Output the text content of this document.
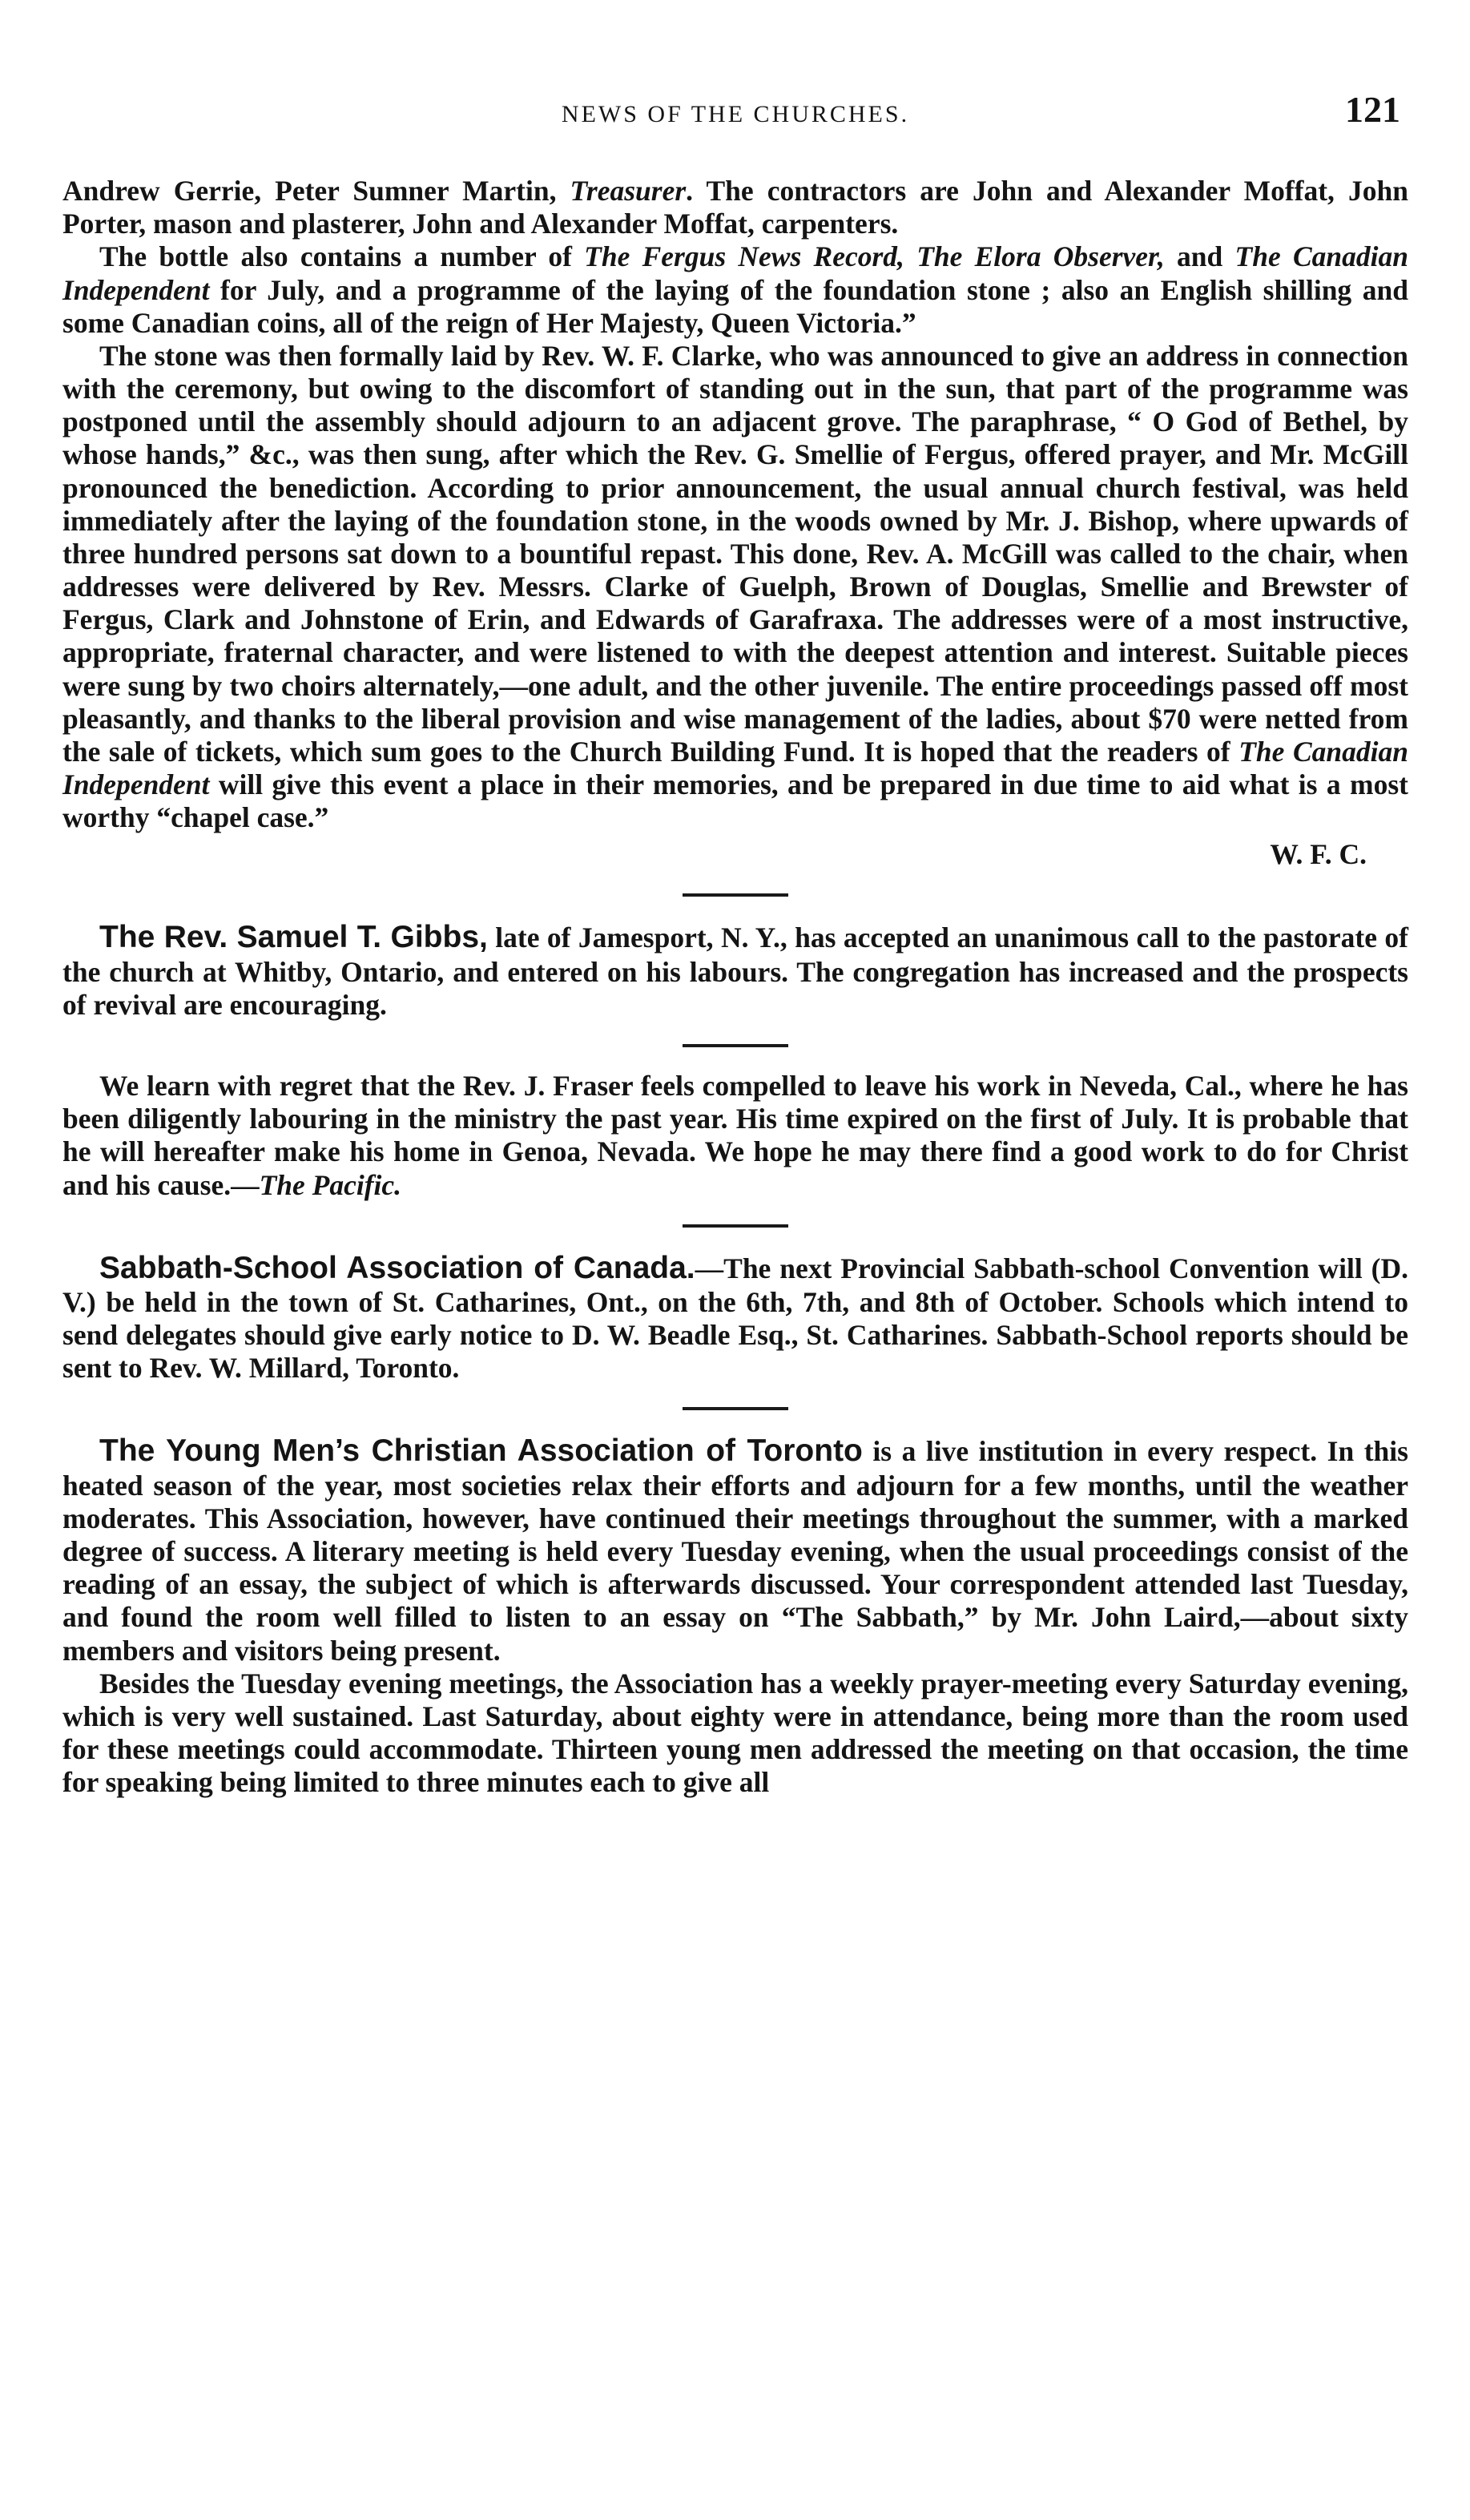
NEWS OF THE CHURCHES.	121

Andrew Gerrie, Peter Sumner Martin, Treasurer. The contractors are John and Alexander Moffat, John Porter, mason and plasterer, John and Alexander Moffat, carpenters.

The bottle also contains a number of The Fergus News Record, The Elora Observer, and The Canadian Independent for July, and a programme of the laying of the foundation stone ; also an English shilling and some Canadian coins, all of the reign of Her Majesty, Queen Victoria.”

The stone was then formally laid by Rev. W. F. Clarke, who was announced to give an address in connection with the ceremony, but owing to the discomfort of standing out in the sun, that part of the programme was postponed until the assembly should adjourn to an adjacent grove. The paraphrase, “ O God of Bethel, by whose hands,” &c., was then sung, after which the Rev. G. Smellie of Fergus, offered prayer, and Mr. McGill pronounced the benediction. According to prior announcement, the usual annual church festival, was held immediately after the laying of the foundation stone, in the woods owned by Mr. J. Bishop, where upwards of three hundred persons sat down to a bountiful repast. This done, Rev. A. McGill was called to the chair, when addresses were delivered by Rev. Messrs. Clarke of Guelph, Brown of Douglas, Smellie and Brewster of Fergus, Clark and Johnstone of Erin, and Edwards of Garafraxa. The addresses were of a most instructive, appropriate, fraternal character, and were listened to with the deepest attention and interest. Suitable pieces were sung by two choirs alternately,—one adult, and the other juvenile. The entire proceedings passed off most pleasantly, and thanks to the liberal provision and wise management of the ladies, about $70 were netted from the sale of tickets, which sum goes to the Church Building Fund. It is hoped that the readers of The Canadian Independent will give this event a place in their memories, and be prepared in due time to aid what is a most worthy “chapel case.”

W. F. C.

The Rev. Samuel T. Gibbs, late of Jamesport, N. Y., has accepted an unanimous call to the pastorate of the church at Whitby, Ontario, and entered on his labours. The congregation has increased and the prospects of revival are encouraging.

We learn with regret that the Rev. J. Fraser feels compelled to leave his work in Neveda, Cal., where he has been diligently labouring in the ministry the past year. His time expired on the first of July. It is probable that he will hereafter make his home in Genoa, Nevada. We hope he may there find a good work to do for Christ and his cause.—The Pacific.

Sabbath-School Association of Canada.—The next Provincial Sabbath-school Convention will (D. V.) be held in the town of St. Catharines, Ont., on the 6th, 7th, and 8th of October. Schools which intend to send delegates should give early notice to D. W. Beadle Esq., St. Catharines. Sabbath-School reports should be sent to Rev. W. Millard, Toronto.

The Young Men’s Christian Association of Toronto is a live institution in every respect. In this heated season of the year, most societies relax their efforts and adjourn for a few months, until the weather moderates. This Association, however, have continued their meetings throughout the summer, with a marked degree of success. A literary meeting is held every Tuesday evening, when the usual proceedings consist of the reading of an essay, the subject of which is afterwards discussed. Your correspondent attended last Tuesday, and found the room well filled to listen to an essay on “The Sabbath,” by Mr. John Laird,—about sixty members and visitors being present.

Besides the Tuesday evening meetings, the Association has a weekly prayer-meeting every Saturday evening, which is very well sustained. Last Saturday, about eighty were in attendance, being more than the room used for these meetings could accommodate. Thirteen young men addressed the meeting on that occasion, the time for speaking being limited to three minutes each to give all
